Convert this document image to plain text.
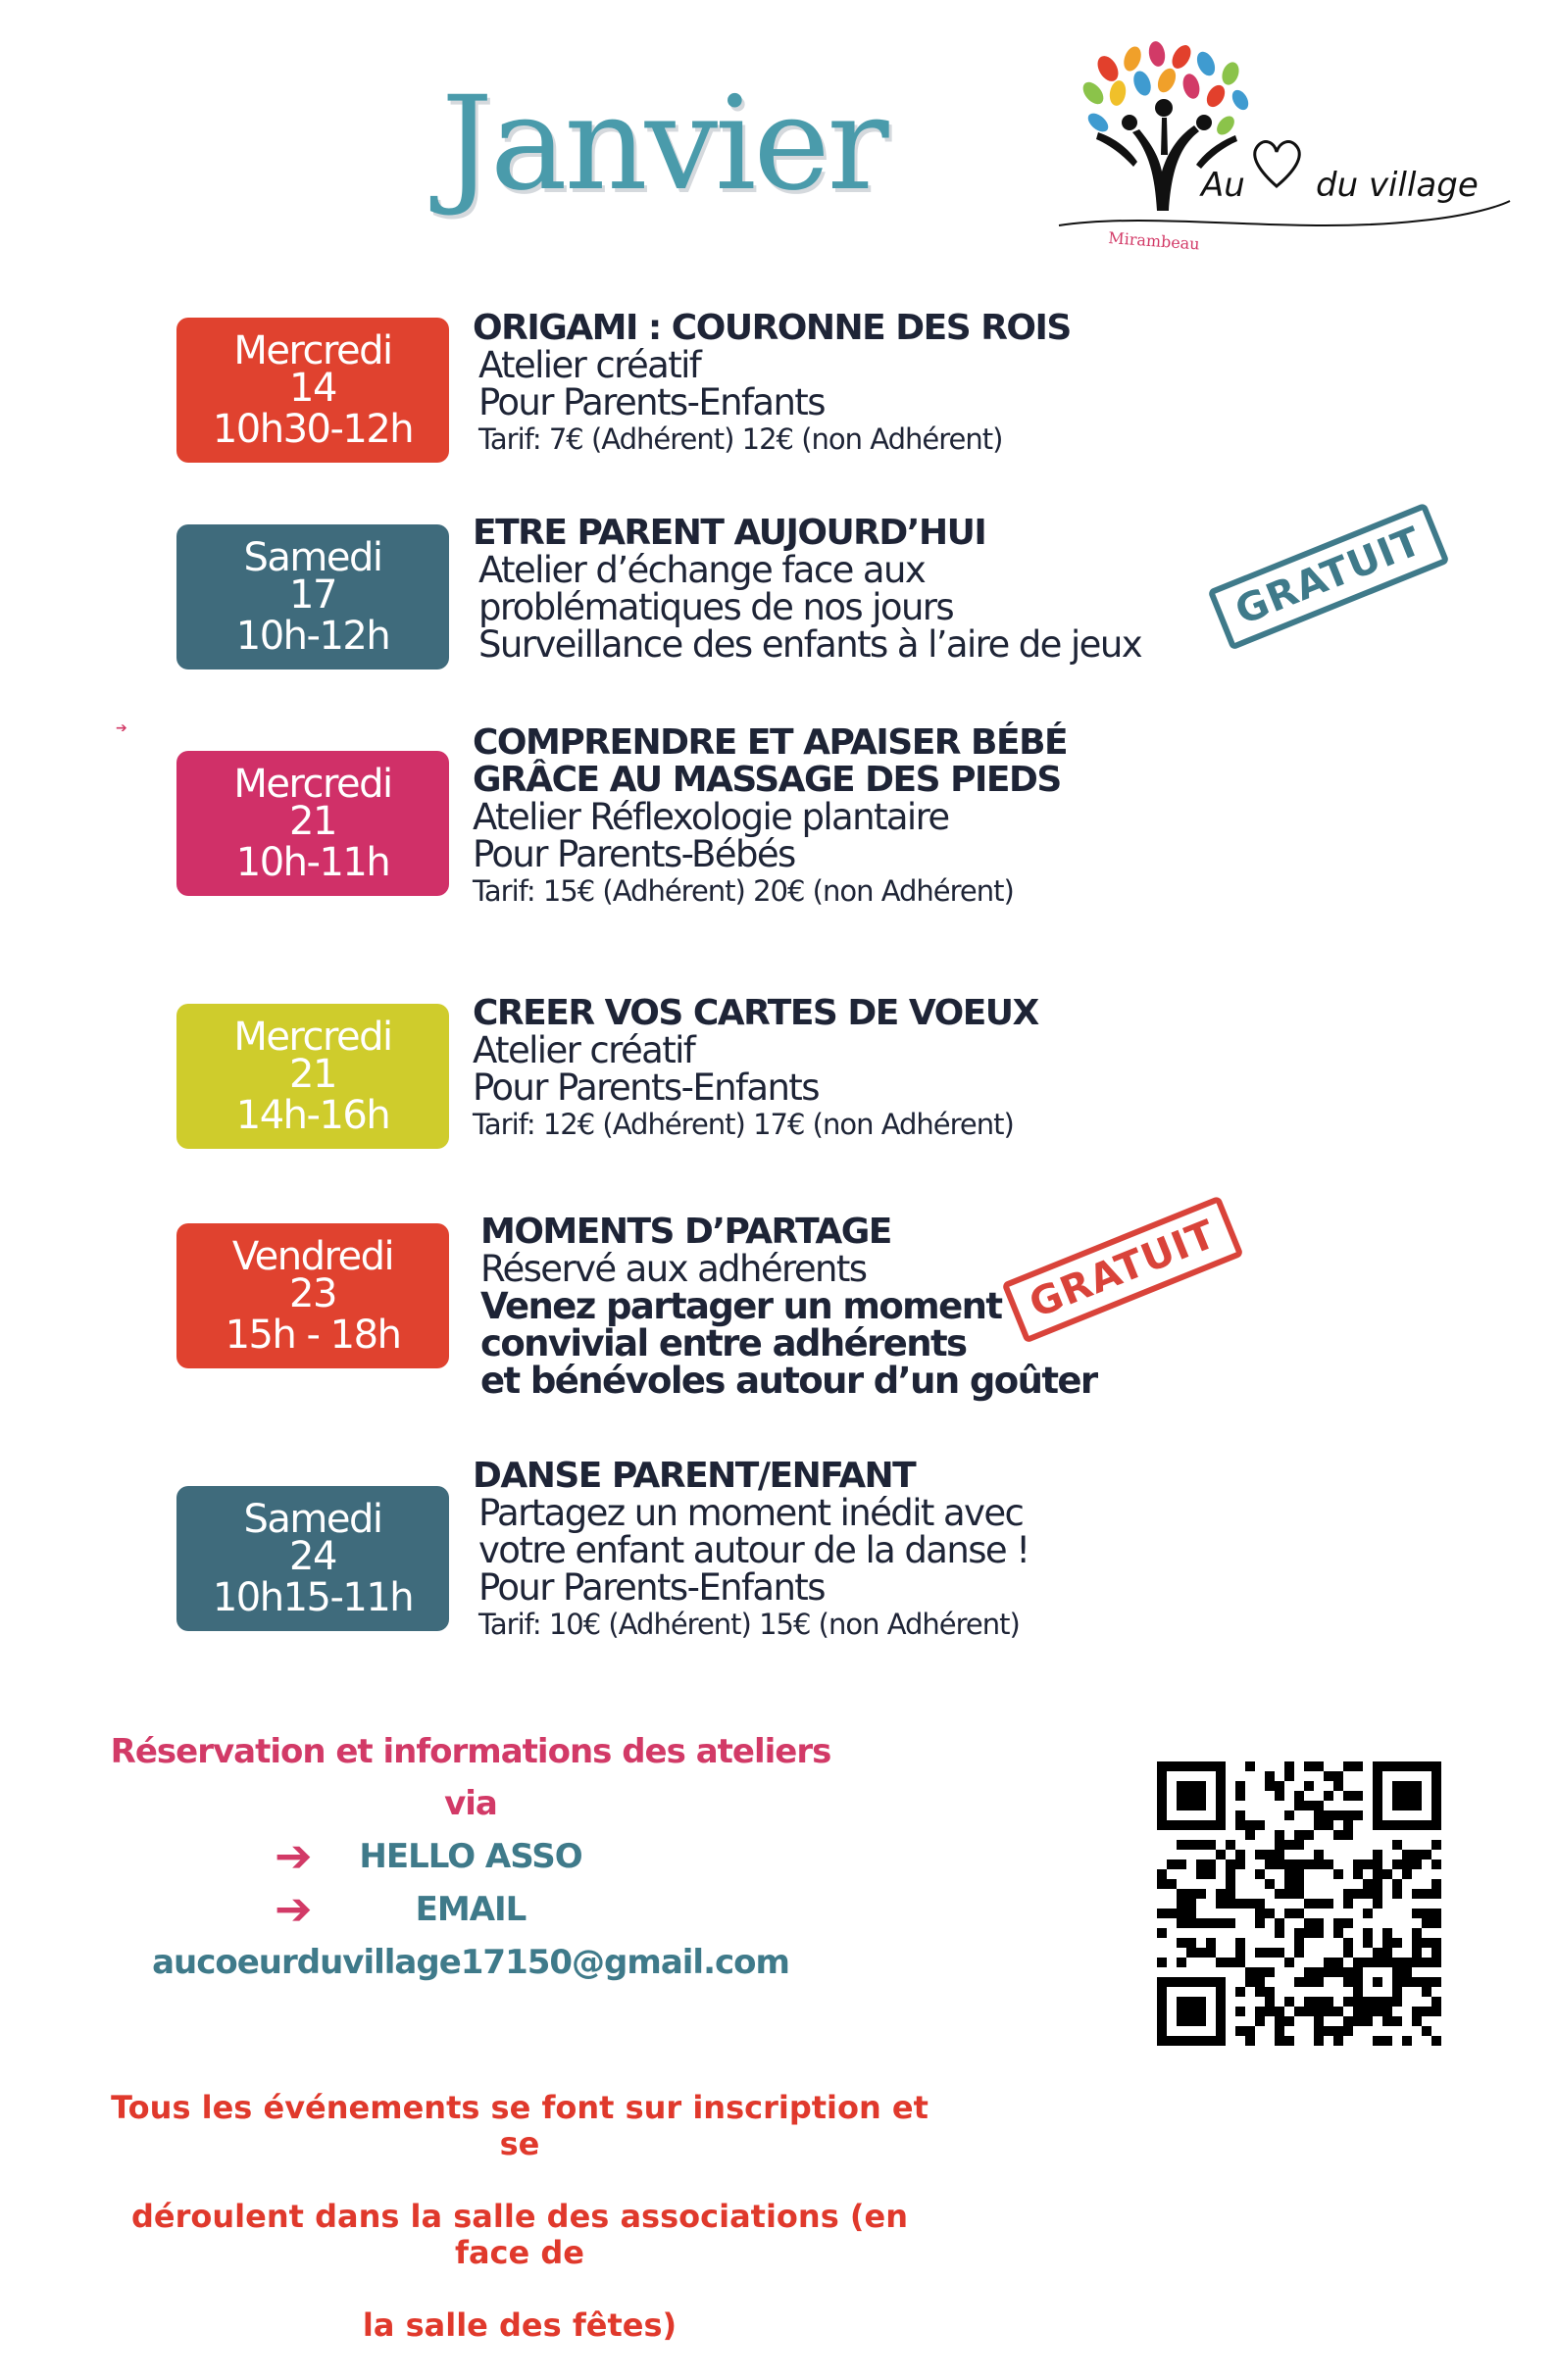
Janvier	Au du village
Mirambeau
Mercredi
14
10h30-12h
ORIGAMI : COURONNE DES ROIS
Atelier créatif
Pour Parents-Enfants
Tarif: 7€ (Adhérent) 12€ (non Adhérent)
Samedi
17
10h-12h
ETRE PARENT AUJOURD’HUI
Atelier d’échange face aux
problématiques de nos jours
Surveillance des enfants à l’aire de jeux
GRATUIT
➔
Mercredi
21
10h-11h
COMPRENDRE ET APAISER BÉBÉ
GRÂCE AU MASSAGE DES PIEDS
Atelier Réflexologie plantaire
Pour Parents-Bébés
Tarif: 15€ (Adhérent) 20€ (non Adhérent)
Mercredi
21
14h-16h
CREER VOS CARTES DE VOEUX
Atelier créatif
Pour Parents-Enfants
Tarif: 12€ (Adhérent) 17€ (non Adhérent)
Vendredi
23
15h - 18h
MOMENTS D’PARTAGE
Réservé aux adhérents
Venez partager un moment
convivial entre adhérents
et bénévoles autour d’un goûter
GRATUIT
Samedi
24
10h15-11h
DANSE PARENT/ENFANT
Partagez un moment inédit avec
votre enfant autour de la danse !
Pour Parents-Enfants
Tarif: 10€ (Adhérent) 15€ (non Adhérent)
Réservation et informations des ateliers
via
➔	HELLO ASSO
➔	EMAIL
aucoeurduvillage17150@gmail.com

Tous les événements se font sur inscription et se

déroulent dans la salle des associations (en face de

la salle des fêtes)
